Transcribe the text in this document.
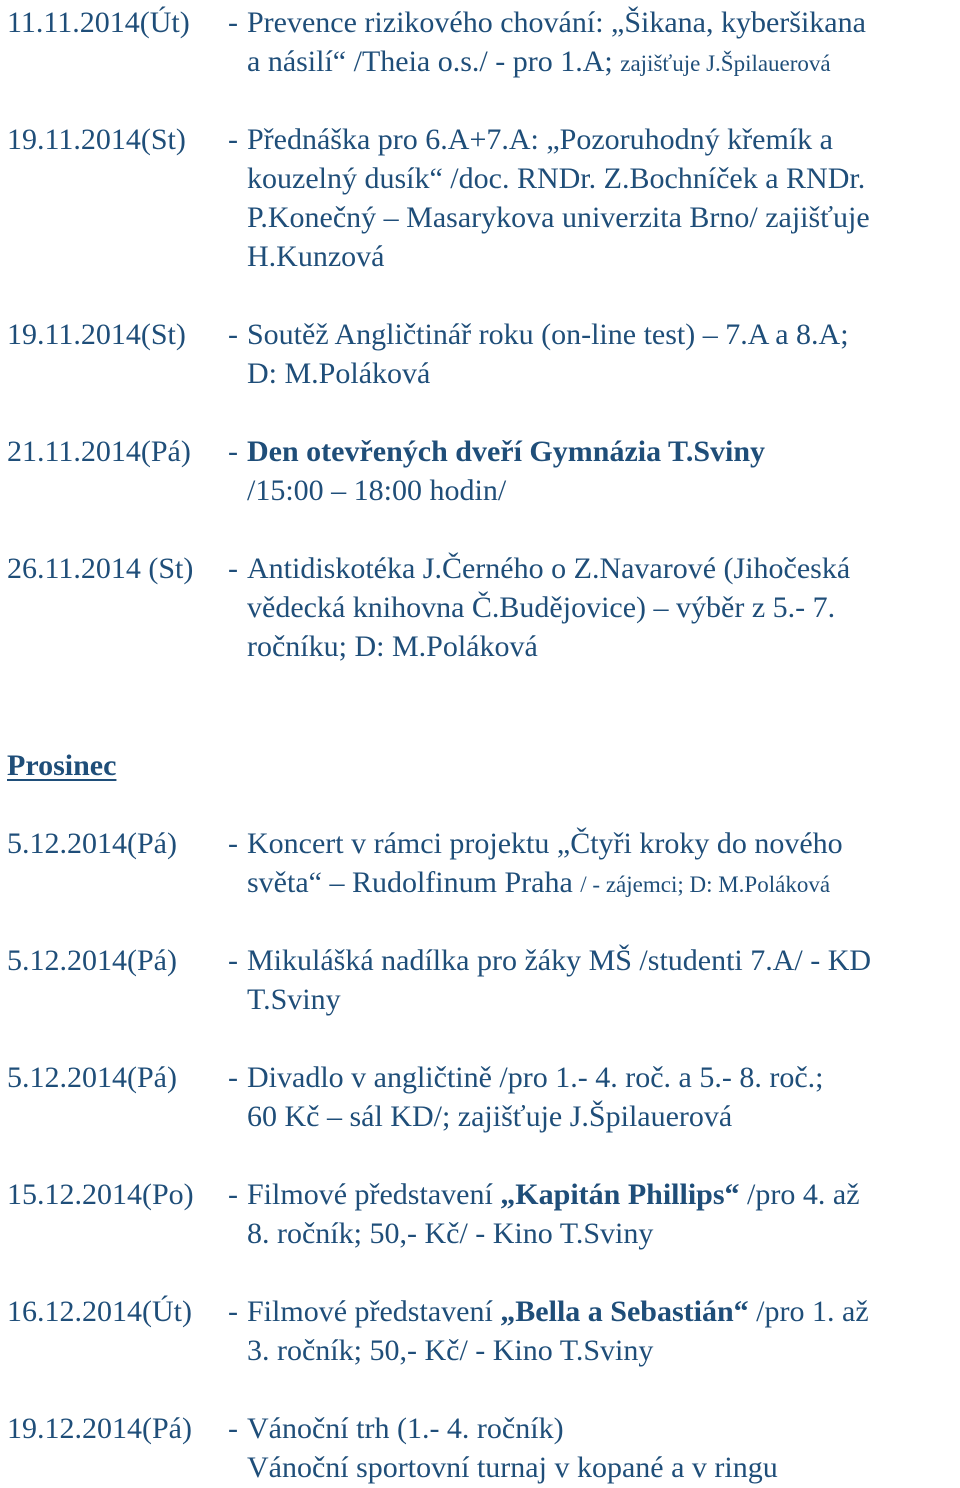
11.11.2014(Út) - Prevence rizikového chování: „Šikana, kyberšikana
a násilí“ /Theia o.s./ - pro 1.A; zajišťuje J.Špilauerová
19.11.2014(St) - Přednáška pro 6.A+7.A: „Pozoruhodný křemík a
kouzelný dusík“ /doc. RNDr. Z.Bochníček a RNDr.
P.Konečný – Masarykova univerzita Brno/ zajišťuje
H.Kunzová
19.11.2014(St) - Soutěž Angličtinář roku (on-line test) – 7.A a 8.A;
D: M.Poláková
21.11.2014(Pá) - Den otevřených dveří Gymnázia T.Sviny
/15:00 – 18:00 hodin/
26.11.2014 (St) - Antidiskotéka J.Černého o Z.Navarové (Jihočeská
vědecká knihovna Č.Budějovice) – výběr z 5.- 7.
ročníku; D: M.Poláková
Prosinec
5.12.2014(Pá) - Koncert v rámci projektu „Čtyři kroky do nového
světa“ – Rudolfinum Praha / - zájemci; D: M.Poláková
5.12.2014(Pá) - Mikulášká nadílka pro žáky MŠ /studenti 7.A/ - KD
T.Sviny
5.12.2014(Pá) - Divadlo v angličtině /pro 1.- 4. roč. a 5.- 8. roč.;
60 Kč – sál KD/; zajišťuje J.Špilauerová
15.12.2014(Po) - Filmové představení „Kapitán Phillips“ /pro 4. až
8. ročník; 50,- Kč/ - Kino T.Sviny
16.12.2014(Út) - Filmové představení „Bella a Sebastián“ /pro 1. až
3. ročník; 50,- Kč/ - Kino T.Sviny
19.12.2014(Pá) - Vánoční trh (1.- 4. ročník)
Vánoční sportovní turnaj v kopané a v ringu
